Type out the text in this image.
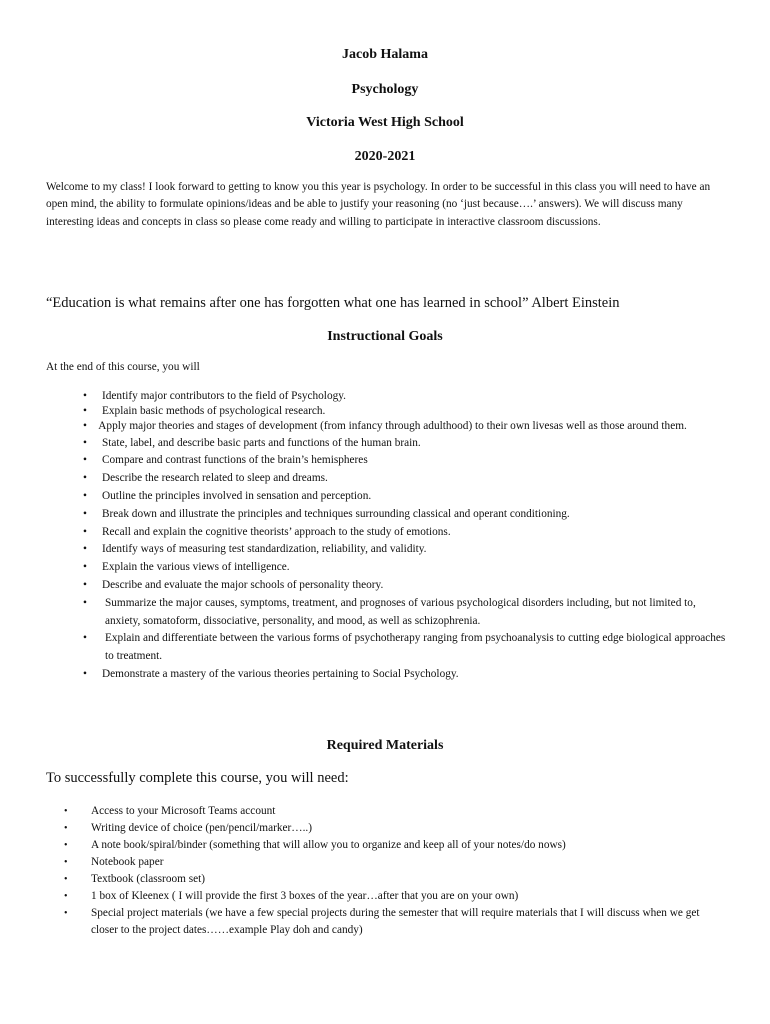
Jacob Halama
Psychology
Victoria West High School
2020-2021
Welcome to my class! I look forward to getting to know you this year is psychology. In order to be successful in this class you will need to have an open mind, the ability to formulate opinions/ideas and be able to justify your reasoning (no ‘just because….’ answers). We will discuss many interesting ideas and concepts in class so please come ready and willing to participate in interactive classroom discussions.
“Education is what remains after one has forgotten what one has learned in school” Albert Einstein
Instructional Goals
At the end of this course, you will
• Identify major contributors to the field of Psychology.
• Explain basic methods of psychological research.
• Apply major theories and stages of development (from infancy through adulthood) to their own livesas well as those around them.
• State, label, and describe basic parts and functions of the human brain.
• Compare and contrast functions of the brain’s hemispheres
• Describe the research related to sleep and dreams.
• Outline the principles involved in sensation and perception.
• Break down and illustrate the principles and techniques surrounding classical and operant conditioning.
• Recall and explain the cognitive theorists’ approach to the study of emotions.
• Identify ways of measuring test standardization, reliability, and validity.
• Explain the various views of intelligence.
• Describe and evaluate the major schools of personality theory.
• Summarize the major causes, symptoms, treatment, and prognoses of various psychological disorders including, but not limited to, anxiety, somatoform, dissociative, personality, and mood, as well as schizophrenia.
• Explain and differentiate between the various forms of psychotherapy ranging from psychoanalysis to cutting edge biological approaches to treatment.
• Demonstrate a mastery of the various theories pertaining to Social Psychology.
Required Materials
To successfully complete this course, you will need:
• Access to your Microsoft Teams account
• Writing device of choice (pen/pencil/marker…..)
• A note book/spiral/binder (something that will allow you to organize and keep all of your notes/do nows)
• Notebook paper
• Textbook (classroom set)
• 1 box of Kleenex ( I will provide the first 3 boxes of the year…after that you are on your own)
• Special project materials (we have a few special projects during the semester that will require materials that I will discuss when we get closer to the project dates……example Play doh and candy)
